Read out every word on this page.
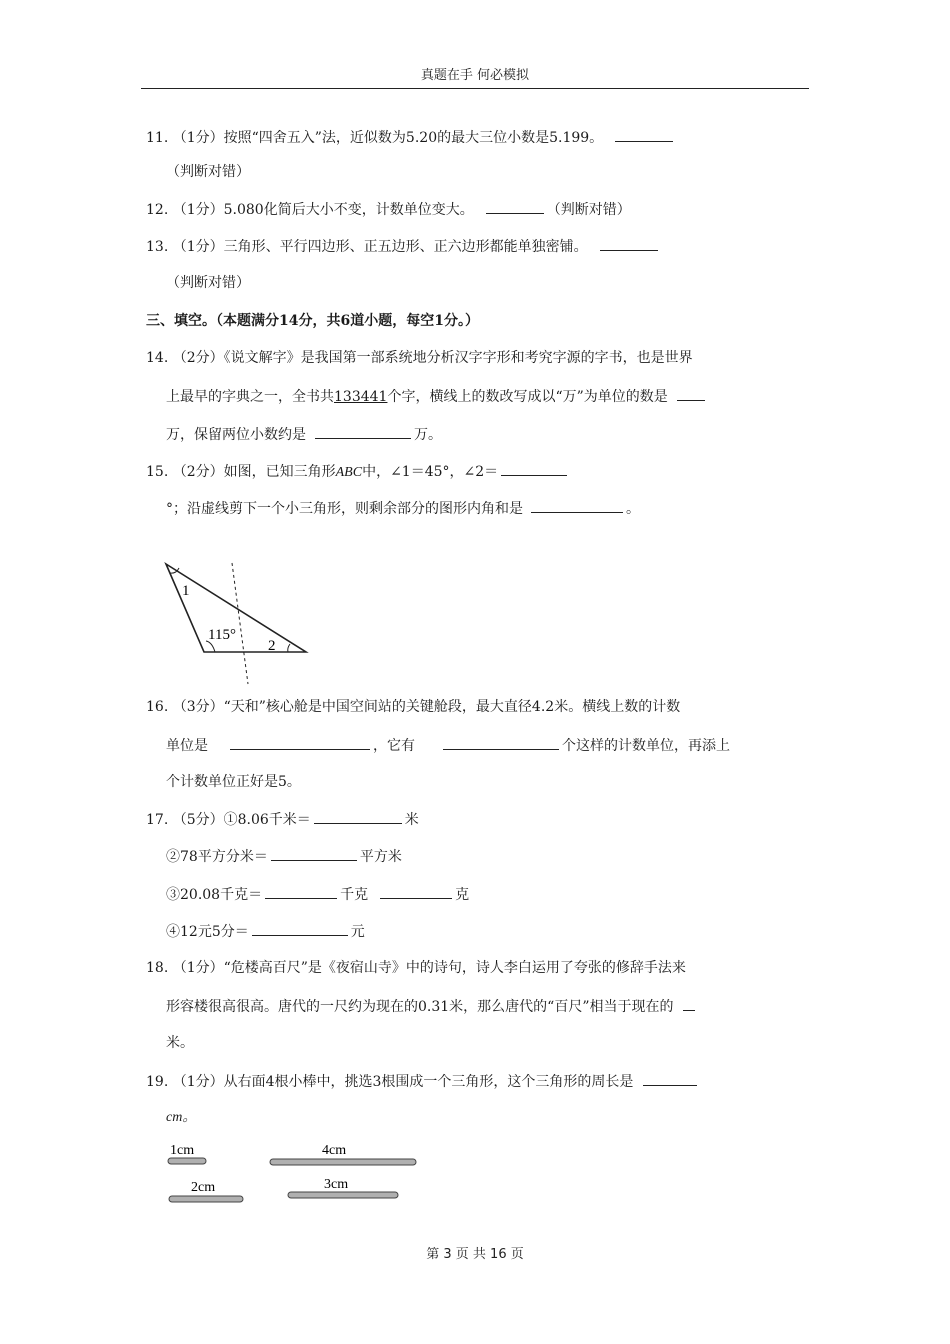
真题在手 何必模拟
11. （1分）按照“四舍五入”法，近似数为5.20的最大三位小数是5.199。
（判断对错）
12. （1分）5.080化简后大小不变，计数单位变大。	（判断对错）
13. （1分）三角形、平行四边形、正五边形、正六边形都能单独密铺。
（判断对错）
三、填空。（本题满分14分，共6道小题，每空1分。）
14. （2分）《说文解字》是我国第一部系统地分析汉字字形和考究字源的字书，也是世界
上最早的字典之一，全书共133441个字，横线上的数改写成以“万”为单位的数是
万，保留两位小数约是	万。
15. （2分）如图，已知三角形ABC中，∠1＝45°，∠2＝
°；沿虚线剪下一个小三角形，则剩余部分的图形内角和是	。
1
115°
2
16. （3分）“天和”核心舱是中国空间站的关键舱段，最大直径4.2米。横线上数的计数
单位是	，它有	个这样的计数单位，再添上
个计数单位正好是5。
17. （5分）①8.06千米＝	米
②78平方分米＝	平方米
③20.08千克＝	千克	克
④12元5分＝	元
18. （1分）“危楼高百尺”是《夜宿山寺》中的诗句，诗人李白运用了夸张的修辞手法来
形容楼很高很高。唐代的一尺约为现在的0.31米，那么唐代的“百尺”相当于现在的
米。
19. （1分）从右面4根小棒中，挑选3根围成一个三角形，这个三角形的周长是
cm。
1cm	4cm
2cm	3cm
第 3 页 共 16 页
